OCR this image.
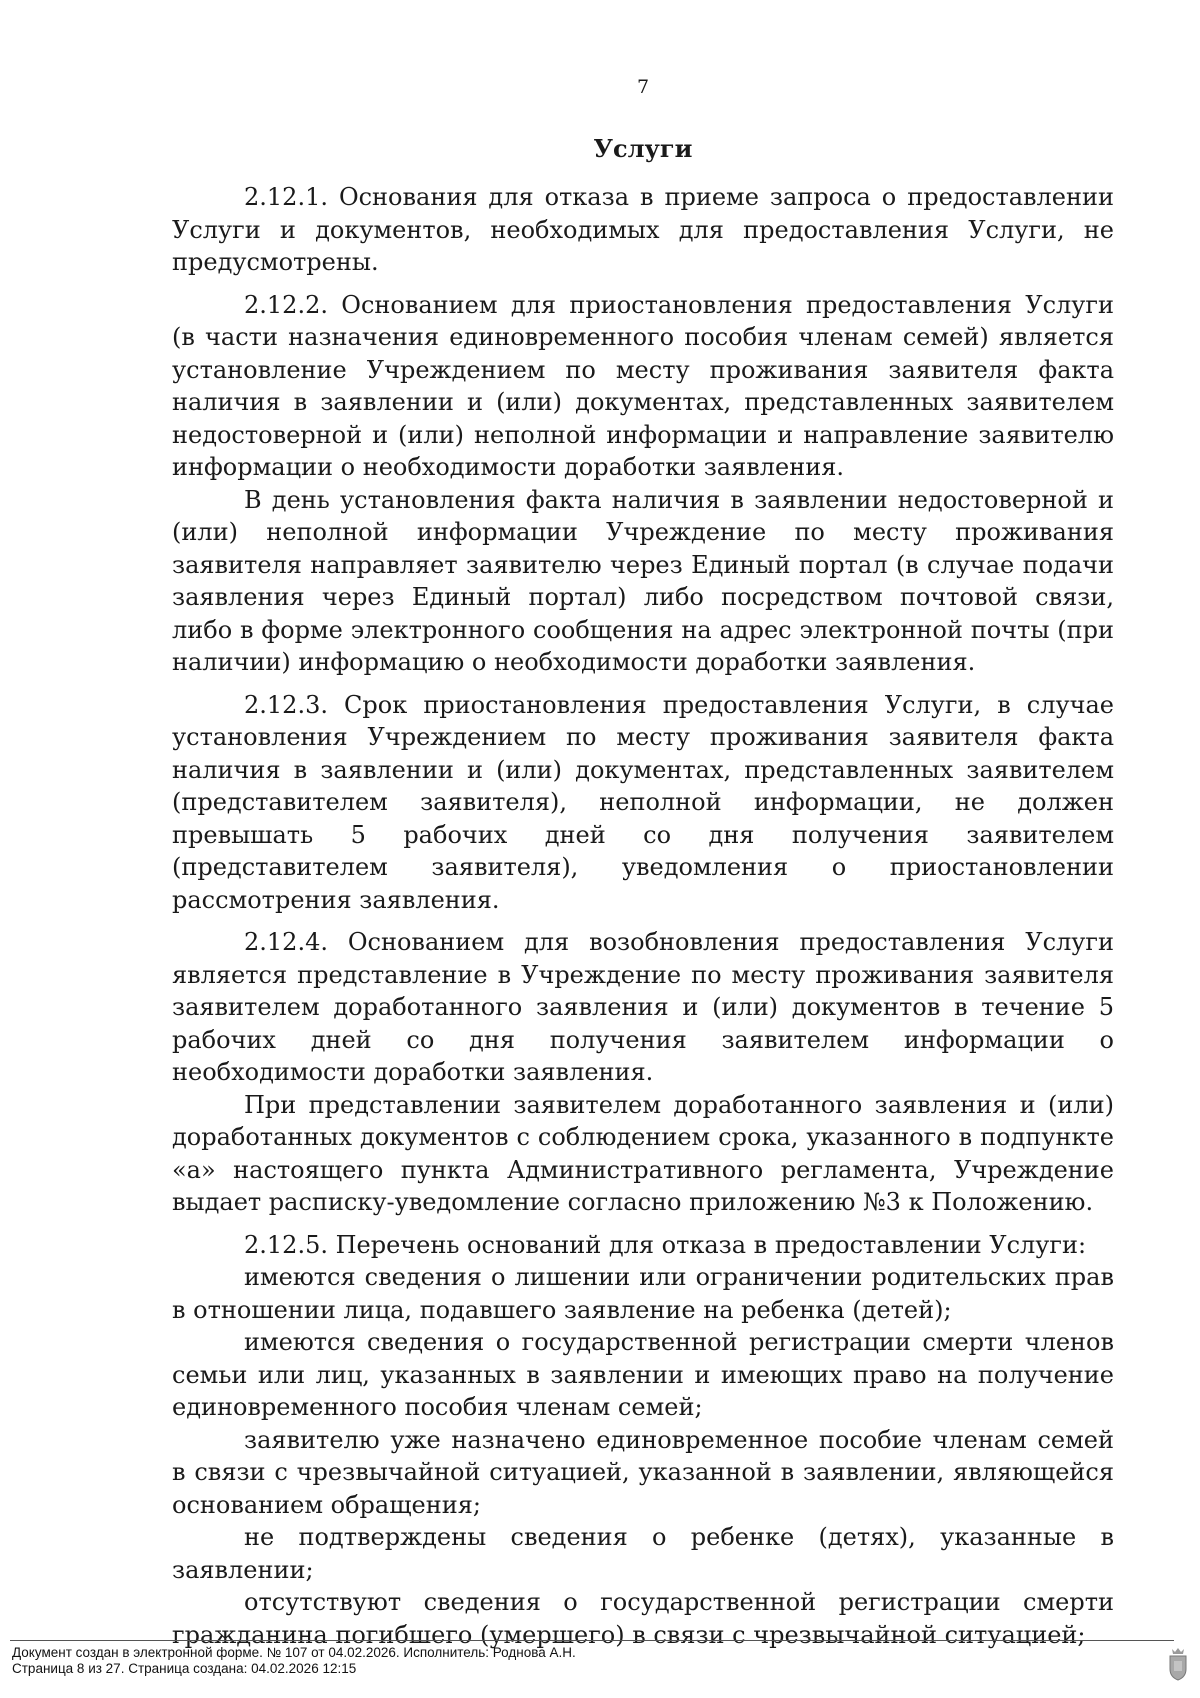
7
Услуги

2.12.1. Основания для отказа в приеме запроса о предоставлении Услуги и документов, необходимых для предоставления Услуги, не предусмотрены.

2.12.2. Основанием для приостановления предоставления Услуги (в части назначения единовременного пособия членам семей) является установление Учреждением по месту проживания заявителя факта наличия в заявлении и (или) документах, представленных заявителем недостоверной и (или) неполной информации и направление заявителю информации о необходимости доработки заявления.

В день установления факта наличия в заявлении недостоверной и (или) неполной информации Учреждение по месту проживания заявителя направляет заявителю через Единый портал (в случае подачи заявления через Единый портал) либо посредством почтовой связи, либо в форме электронного сообщения на адрес электронной почты (при наличии) информацию о необходимости доработки заявления.

2.12.3. Срок приостановления предоставления Услуги, в случае установления Учреждением по месту проживания заявителя факта наличия в заявлении и (или) документах, представленных заявителем (представителем заявителя), неполной информации, не должен превышать 5 рабочих дней со дня получения заявителем (представителем заявителя), уведомления о приостановлении рассмотрения заявления.

2.12.4. Основанием для возобновления предоставления Услуги является представление в Учреждение по месту проживания заявителя заявителем доработанного заявления и (или) документов в течение 5 рабочих дней со дня получения заявителем информации о необходимости доработки заявления.

При представлении заявителем доработанного заявления и (или) доработанных документов с соблюдением срока, указанного в подпункте «а» настоящего пункта Административного регламента, Учреждение выдает расписку-уведомление согласно приложению №3 к Положению.

2.12.5. Перечень оснований для отказа в предоставлении Услуги:

имеются сведения о лишении или ограничении родительских прав в отношении лица, подавшего заявление на ребенка (детей);

имеются сведения о государственной регистрации смерти членов семьи или лиц, указанных в заявлении и имеющих право на получение единовременного пособия членам семей;

заявителю уже назначено единовременное пособие членам семей в связи с чрезвычайной ситуацией, указанной в заявлении, являющейся основанием обращения;

не подтверждены сведения о ребенке (детях), указанные в заявлении;

отсутствуют сведения о государственной регистрации смерти гражданина погибшего (умершего) в связи с чрезвычайной ситуацией;

Документ создан в электронной форме. № 107 от 04.02.2026. Исполнитель: Роднова А.Н.
Страница 8 из 27. Страница создана: 04.02.2026 12:15
